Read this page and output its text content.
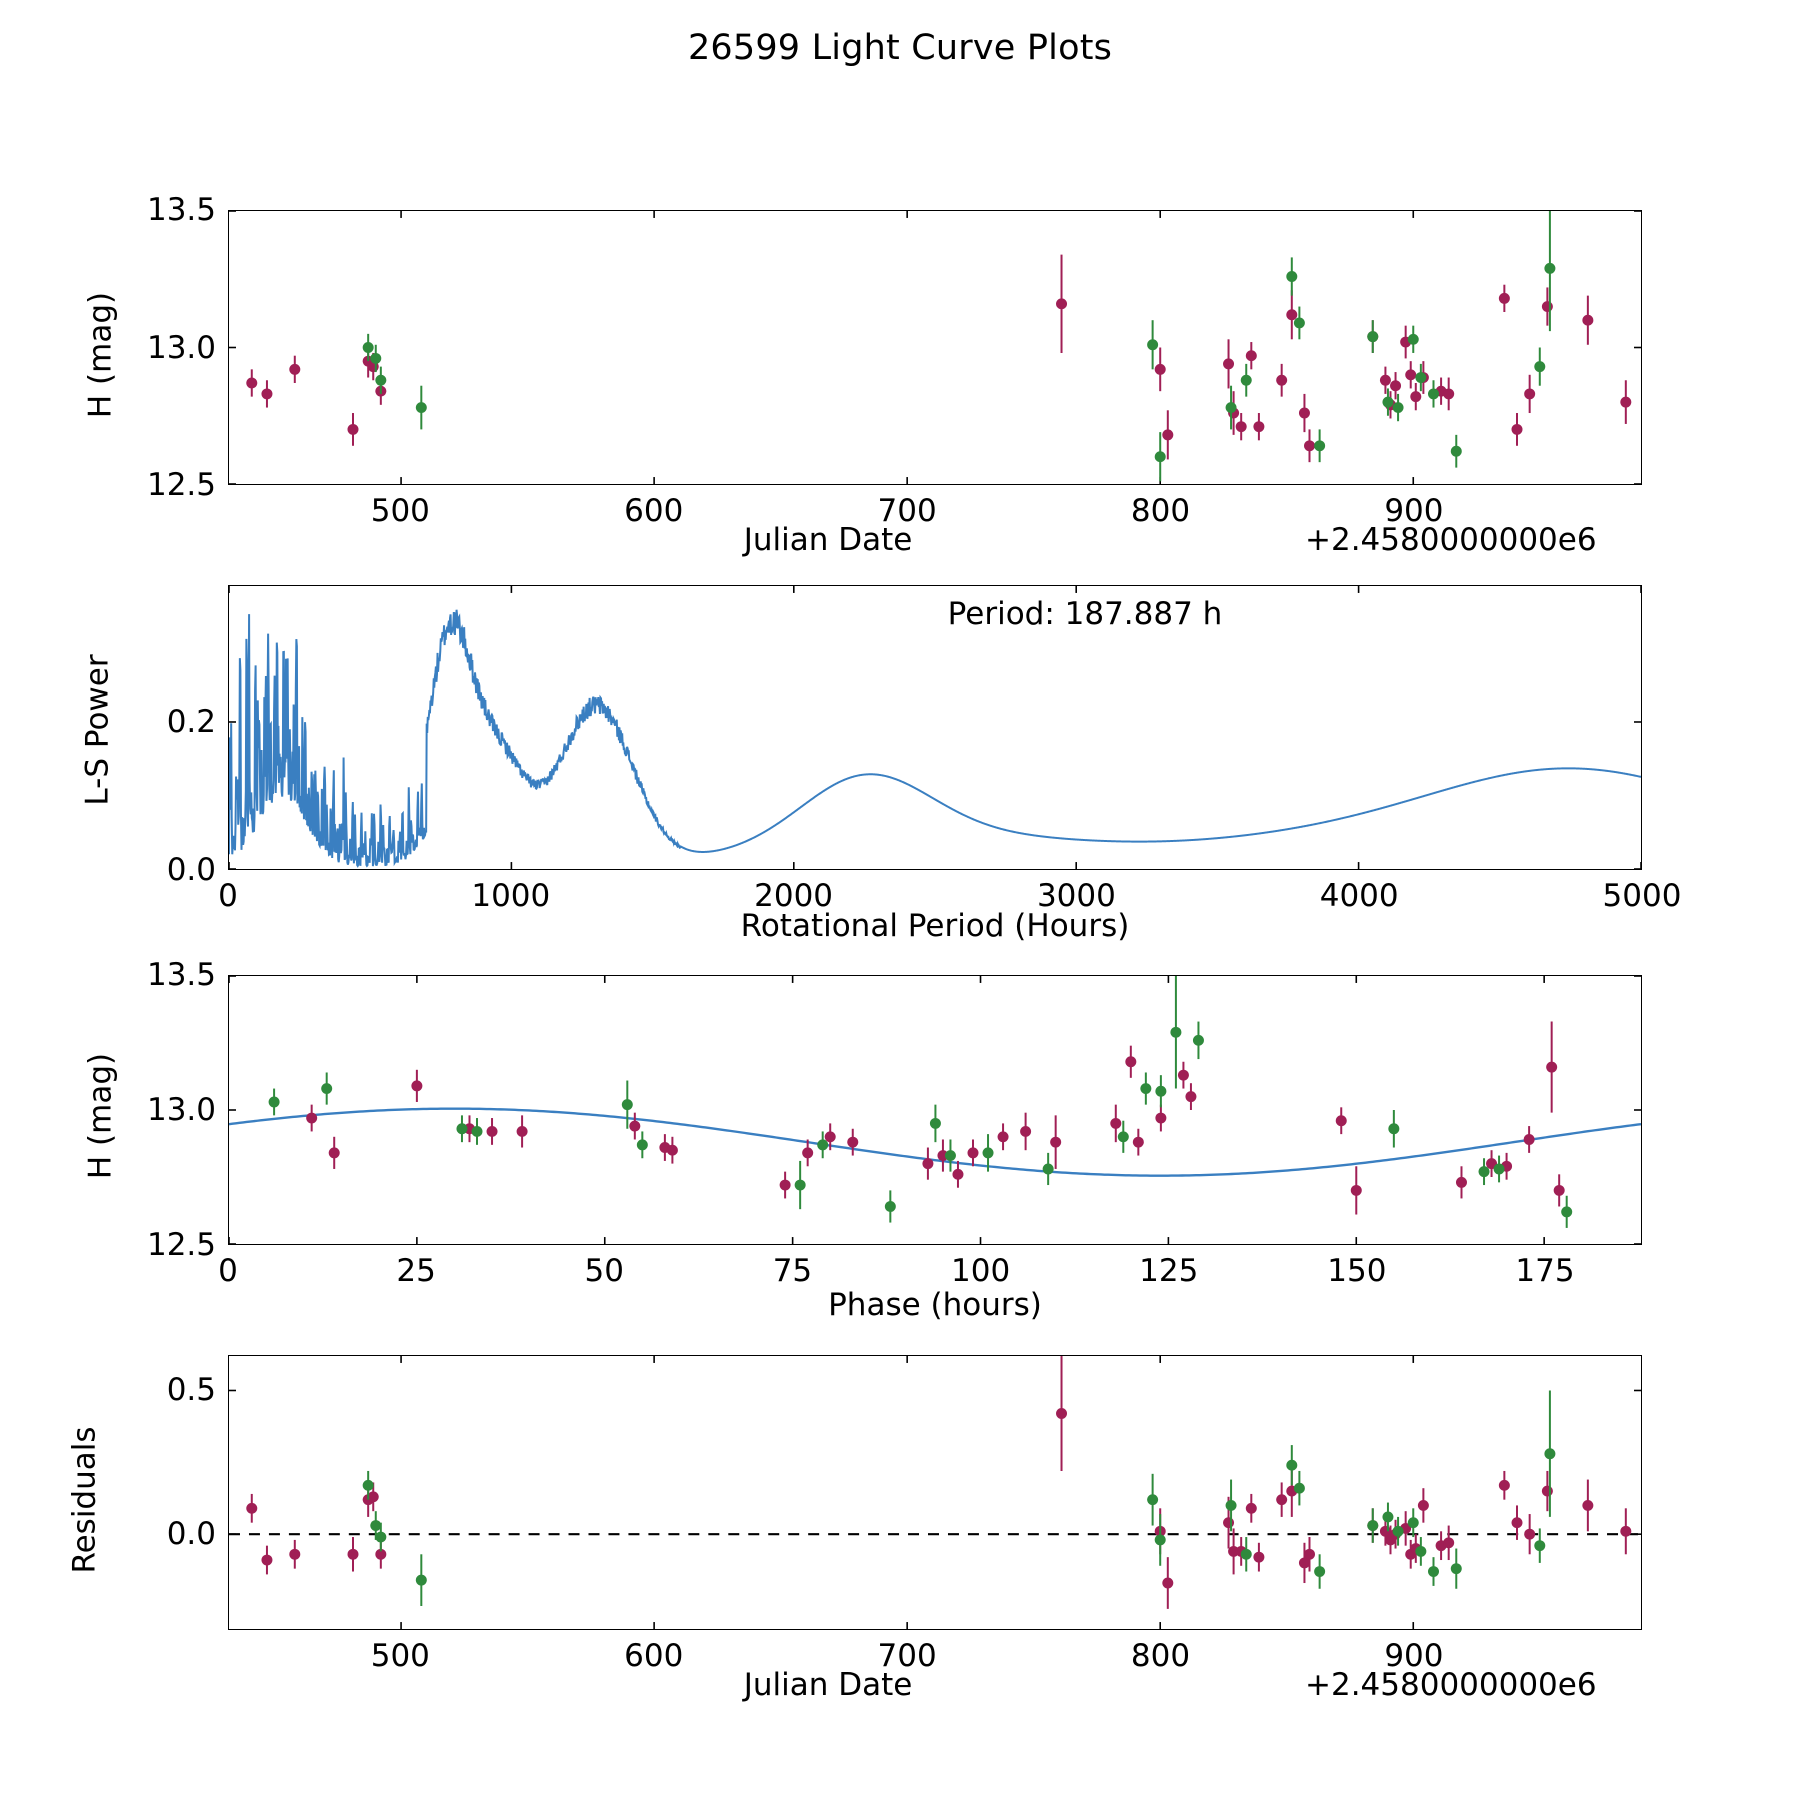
26599 Light Curve Plots
H (mag)
Julian Date	+2.4580000000e6
L-S Power
Rotational Period (Hours)
Period: 187.887 h
H (mag)
Phase (hours)
Residuals
Julian Date	+2.4580000000e6
500	600	700	800	900
12.5
13.0
13.5
0	1000	2000	3000	4000	5000
0.0
0.2
0	25	50	75	100	125	150	175
12.5
13.0
13.5
500	600	700	800	900
0.0
0.5
